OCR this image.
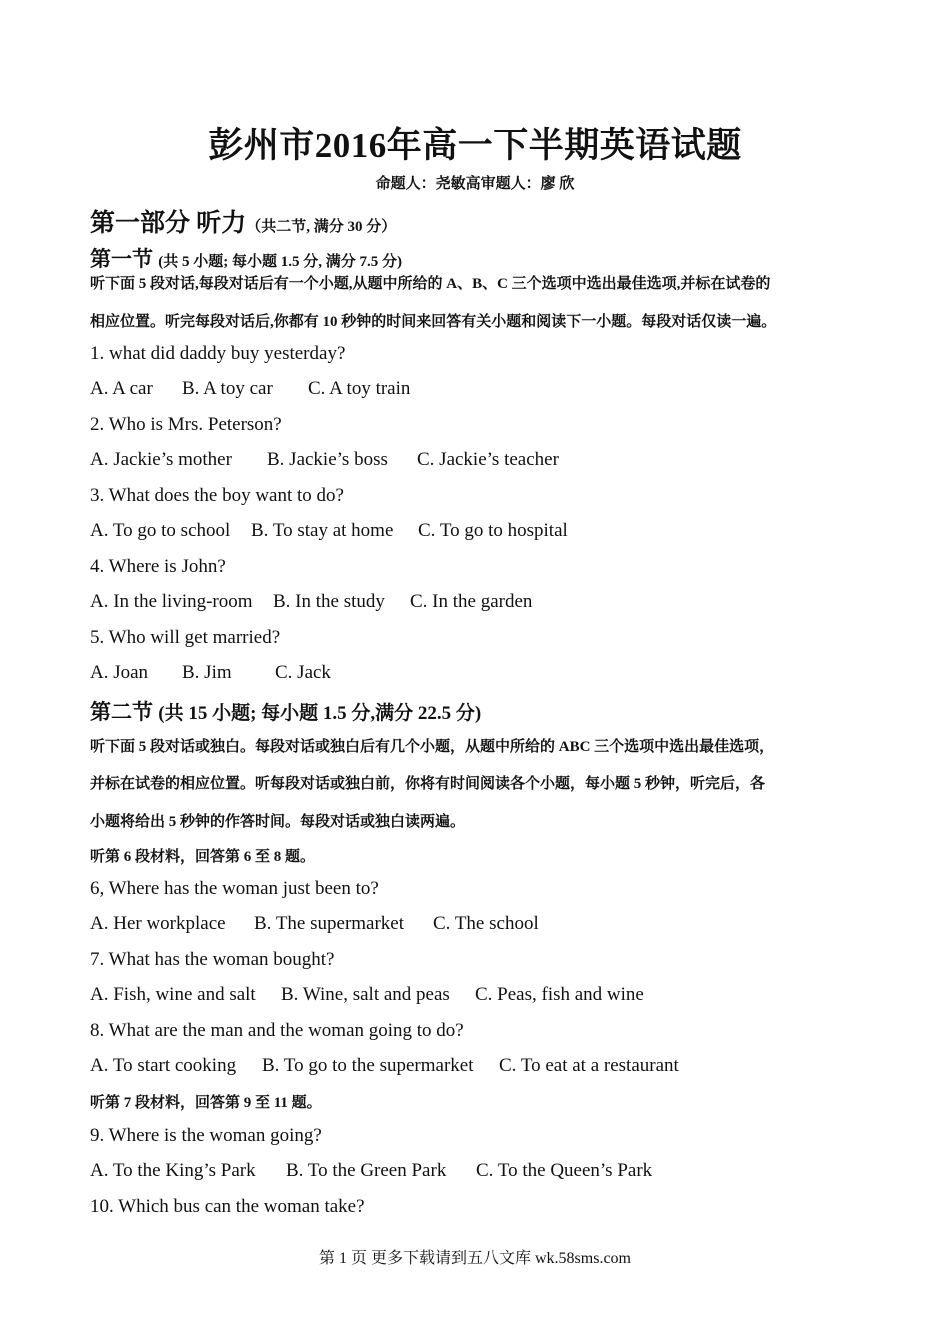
彭州市2016年高一下半期英语试题
命题人：尧敏高审题人：廖 欣
第一部分 听力（共二节, 满分 30 分）
第一节 (共 5 小题; 每小题 1.5 分, 满分 7.5 分)
听下面 5 段对话,每段对话后有一个小题,从题中所给的 A、B、C 三个选项中选出最佳选项,并标在试卷的
相应位置。听完每段对话后,你都有 10 秒钟的时间来回答有关小题和阅读下一小题。每段对话仅读一遍。
1. what did daddy buy yesterday?
A. A car B. A toy car C. A toy train
2. Who is Mrs. Peterson?
A. Jackie’s mother B. Jackie’s boss C. Jackie’s teacher
3. What does the boy want to do?
A. To go to school B. To stay at home C. To go to hospital
4. Where is John?
A. In the living-room B. In the study C. In the garden
5. Who will get married?
A. Joan B. Jim C. Jack
第二节 (共 15 小题; 每小题 1.5 分,满分 22.5 分)
听下面 5 段对话或独白。每段对话或独白后有几个小题，从题中所给的 ABC 三个选项中选出最佳选项，
并标在试卷的相应位置。听每段对话或独白前，你将有时间阅读各个小题，每小题 5 秒钟，听完后，各
小题将给出 5 秒钟的作答时间。每段对话或独白读两遍。
听第 6 段材料，回答第 6 至 8 题。
6, Where has the woman just been to?
A. Her workplace B. The supermarket C. The school
7. What has the woman bought?
A. Fish, wine and salt B. Wine, salt and peas C. Peas, fish and wine
8. What are the man and the woman going to do?
A. To start cooking B. To go to the supermarket C. To eat at a restaurant
听第 7 段材料，回答第 9 至 11 题。
9. Where is the woman going?
A. To the King’s Park B. To the Green Park C. To the Queen’s Park
10. Which bus can the woman take?
第 1 页 更多下载请到五八文库 wk.58sms.com
